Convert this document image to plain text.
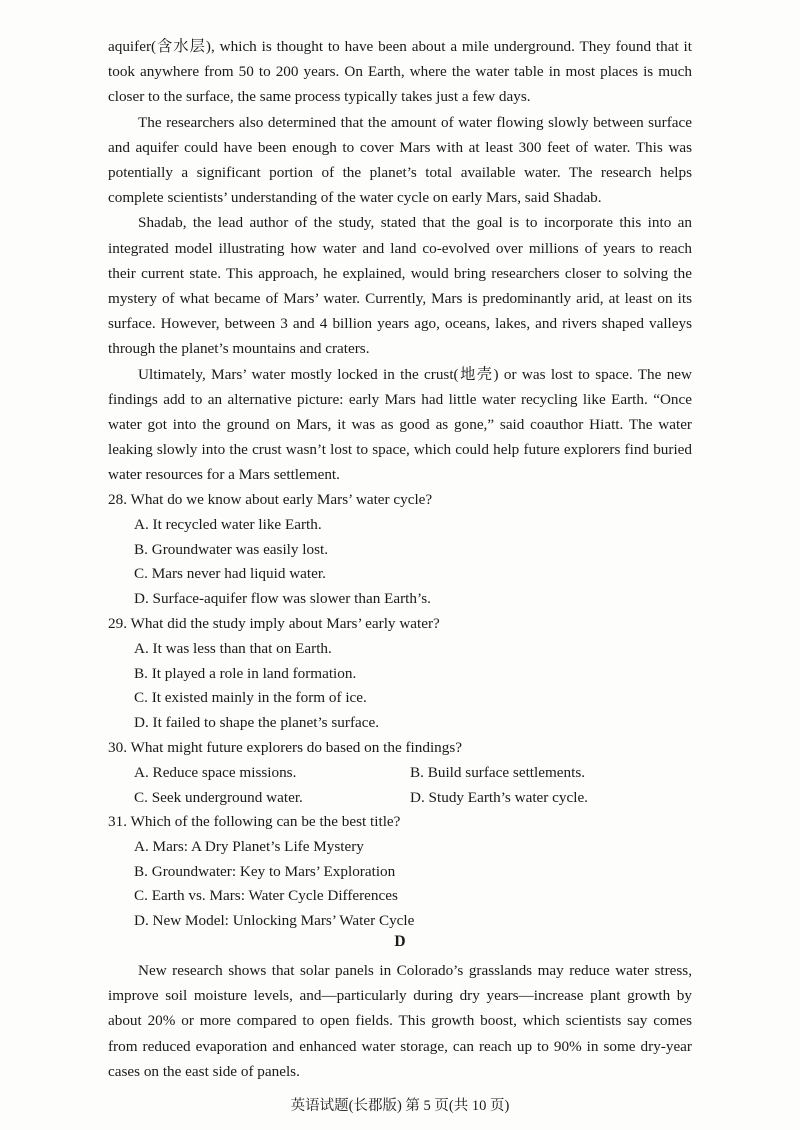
aquifer(含水层), which is thought to have been about a mile underground. They found that it took anywhere from 50 to 200 years. On Earth, where the water table in most places is much closer to the surface, the same process typically takes just a few days.

The researchers also determined that the amount of water flowing slowly between surface and aquifer could have been enough to cover Mars with at least 300 feet of water. This was potentially a significant portion of the planet’s total available water. The research helps complete scientists’ understanding of the water cycle on early Mars, said Shadab.

Shadab, the lead author of the study, stated that the goal is to incorporate this into an integrated model illustrating how water and land co-evolved over millions of years to reach their current state. This approach, he explained, would bring researchers closer to solving the mystery of what became of Mars’ water. Currently, Mars is predominantly arid, at least on its surface. However, between 3 and 4 billion years ago, oceans, lakes, and rivers shaped valleys through the planet’s mountains and craters.

Ultimately, Mars’ water mostly locked in the crust(地壳) or was lost to space. The new findings add to an alternative picture: early Mars had little water recycling like Earth. “Once water got into the ground on Mars, it was as good as gone,” said coauthor Hiatt. The water leaking slowly into the crust wasn’t lost to space, which could help future explorers find buried water resources for a Mars settlement.

28. What do we know about early Mars’ water cycle?

A. It recycled water like Earth.

B. Groundwater was easily lost.

C. Mars never had liquid water.

D. Surface-aquifer flow was slower than Earth’s.

29. What did the study imply about Mars’ early water?

A. It was less than that on Earth.

B. It played a role in land formation.

C. It existed mainly in the form of ice.

D. It failed to shape the planet’s surface.

30. What might future explorers do based on the findings?

A. Reduce space missions.	B. Build surface settlements.
C. Seek underground water.	D. Study Earth’s water cycle.

31. Which of the following can be the best title?

A. Mars: A Dry Planet’s Life Mystery

B. Groundwater: Key to Mars’ Exploration

C. Earth vs. Mars: Water Cycle Differences

D. New Model: Unlocking Mars’ Water Cycle

D

New research shows that solar panels in Colorado’s grasslands may reduce water stress, improve soil moisture levels, and—particularly during dry years—increase plant growth by about 20% or more compared to open fields. This growth boost, which scientists say comes from reduced evaporation and enhanced water storage, can reach up to 90% in some dry-year cases on the east side of panels.

英语试题(长郡版) 第 5 页(共 10 页)
